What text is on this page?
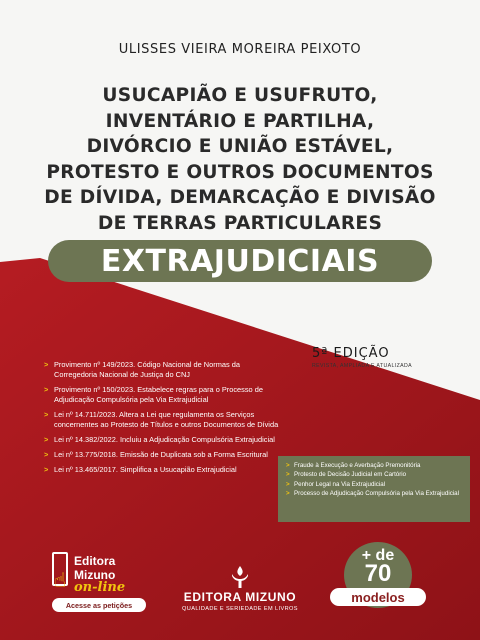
ULISSES VIEIRA MOREIRA PEIXOTO
USUCAPIÃO E USUFRUTO,
INVENTÁRIO E PARTILHA,
DIVÓRCIO E UNIÃO ESTÁVEL,
PROTESTO E OUTROS DOCUMENTOS
DE DÍVIDA, DEMARCAÇÃO E DIVISÃO
DE TERRAS PARTICULARES
EXTRAJUDICIAIS
5ª EDIÇÃO
REVISTA, AMPLIADA E ATUALIZADA
> Provimento nº 149/2023. Código Nacional de Normas da Corregedoria Nacional de Justiça do CNJ
> Provimento nº 150/2023. Estabelece regras para o Processo de Adjudicação Compulsória pela Via Extrajudicial
> Lei nº 14.711/2023. Altera a Lei que regulamenta os Serviços concernentes ao Protesto de Títulos e outros Documentos de Dívida
> Lei nº 14.382/2022. Incluiu a Adjudicação Compulsória Extrajudicial
> Lei nº 13.775/2018. Emissão de Duplicata sob a Forma Escritural
> Lei nº 13.465/2017. Simplifica a Usucapião Extrajudicial	> Fraude à Execução e Averbação Premonitória
> Protesto de Decisão Judicial em Cartório
> Penhor Legal na Via Extrajudicial
> Processo de Adjudicação Compulsória pela Via Extrajudicial
☝
Editora
Mizuno
on-line
Acesse as petições
EDITORA MIZUNO
QUALIDADE E SERIEDADE EM LIVROS
+ de
70
modelos
